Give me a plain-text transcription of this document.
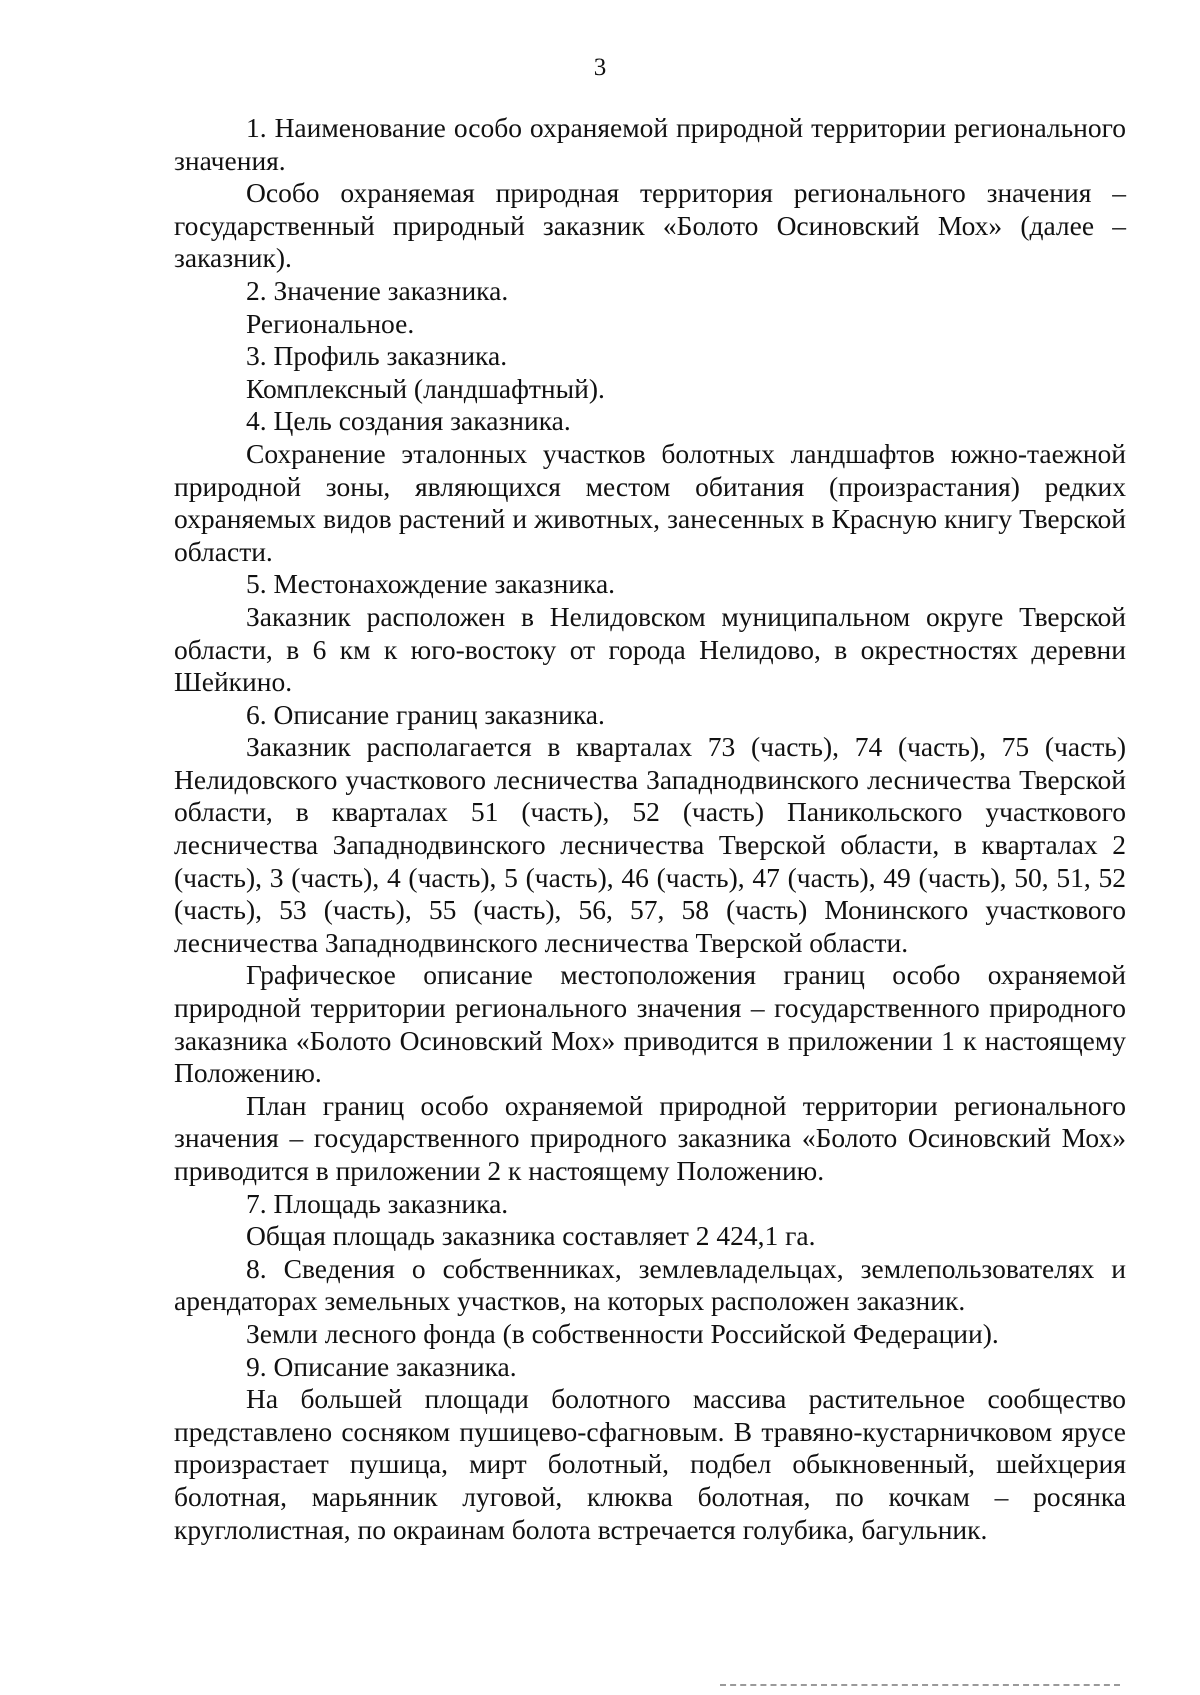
3

1. Наименование особо охраняемой природной территории регионального значения.

Особо охраняемая природная территория регионального значения – государственный природный заказник «Болото Осиновский Мох» (далее – заказник).

2. Значение заказника.

Региональное.

3. Профиль заказника.

Комплексный (ландшафтный).

4. Цель создания заказника.

Сохранение эталонных участков болотных ландшафтов южно-таежной природной зоны, являющихся местом обитания (произрастания) редких охраняемых видов растений и животных, занесенных в Красную книгу Тверской области.

5. Местонахождение заказника.

Заказник расположен в Нелидовском муниципальном округе Тверской области, в 6 км к юго-востоку от города Нелидово, в окрестностях деревни Шейкино.

6. Описание границ заказника.

Заказник располагается в кварталах 73 (часть), 74 (часть), 75 (часть) Нелидовского участкового лесничества Западнодвинского лесничества Тверской области, в кварталах 51 (часть), 52 (часть) Паникольского участкового лесничества Западнодвинского лесничества Тверской области, в кварталах 2 (часть), 3 (часть), 4 (часть), 5 (часть), 46 (часть), 47 (часть), 49 (часть), 50, 51, 52 (часть), 53 (часть), 55 (часть), 56, 57, 58 (часть) Монинского участкового лесничества Западнодвинского лесничества Тверской области.

Графическое описание местоположения границ особо охраняемой природной территории регионального значения – государственного природного заказника «Болото Осиновский Мох» приводится в приложении 1 к настоящему Положению.

План границ особо охраняемой природной территории регионального значения – государственного природного заказника «Болото Осиновский Мох» приводится в приложении 2 к настоящему Положению.

7. Площадь заказника.

Общая площадь заказника составляет 2 424,1 га.

8. Сведения о собственниках, землевладельцах, землепользователях и арендаторах земельных участков, на которых расположен заказник.

Земли лесного фонда (в собственности Российской Федерации).

9. Описание заказника.

На большей площади болотного массива растительное сообщество представлено сосняком пушицево-сфагновым. В травяно-кустарничковом ярусе произрастает пушица, мирт болотный, подбел обыкновенный, шейхцерия болотная, марьянник луговой, клюква болотная, по кочкам – росянка круглолистная, по окраинам болота встречается голубика, багульник.
